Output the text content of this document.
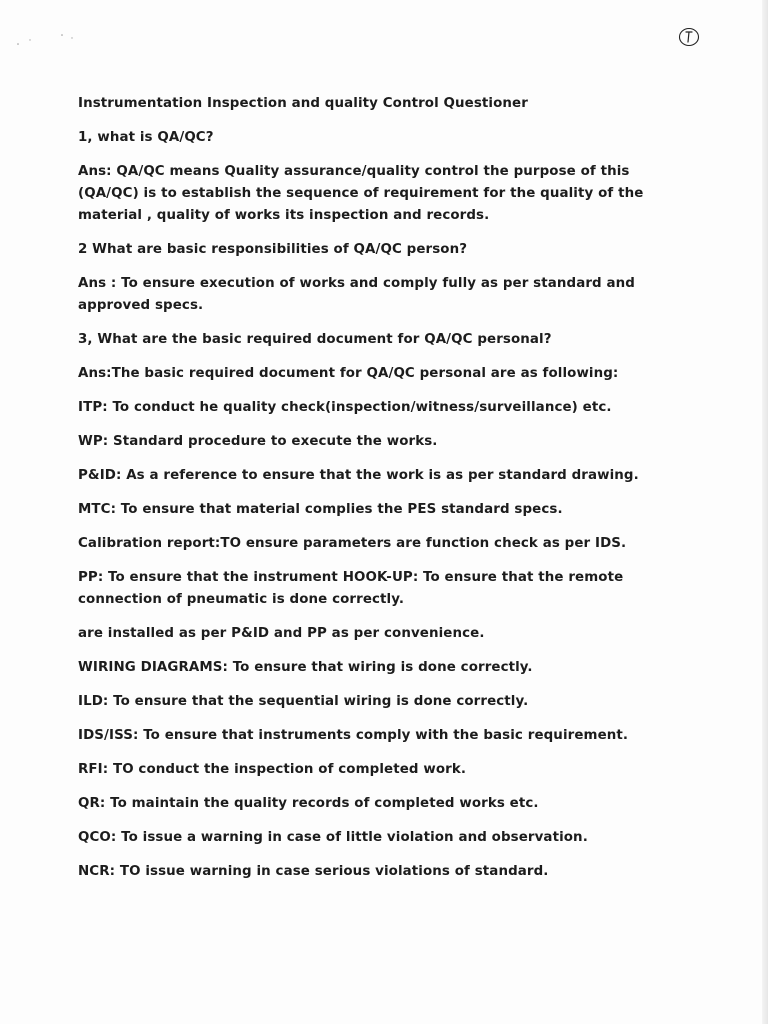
Instrumentation Inspection and quality Control Questioner

1, what is QA/QC?

Ans: QA/QC means Quality assurance/quality control the purpose of this

(QA/QC) is to establish the sequence of requirement for the quality of the

material , quality of works its inspection and records.

2 What are basic responsibilities of QA/QC person?

Ans : To ensure execution of works and comply fully as per standard and

approved specs.

3, What are the basic required document for QA/QC personal?

Ans:The basic required document for QA/QC personal are as following:

ITP: To conduct he quality check(inspection/witness/surveillance) etc.

WP: Standard procedure to execute the works.

P&ID: As a reference to ensure that the work is as per standard drawing.

MTC: To ensure that material complies the PES standard specs.

Calibration report:TO ensure parameters are function check as per IDS.

PP: To ensure that the instrument HOOK-UP: To ensure that the remote

connection of pneumatic is done correctly.

are installed as per P&ID and PP as per convenience.

WIRING DIAGRAMS: To ensure that wiring is done correctly.

ILD: To ensure that the sequential wiring is done correctly.

IDS/ISS: To ensure that instruments comply with the basic requirement.

RFI: TO conduct the inspection of completed work.

QR: To maintain the quality records of completed works etc.

QCO: To issue a warning in case of little violation and observation.

NCR: TO issue warning in case serious violations of standard.
